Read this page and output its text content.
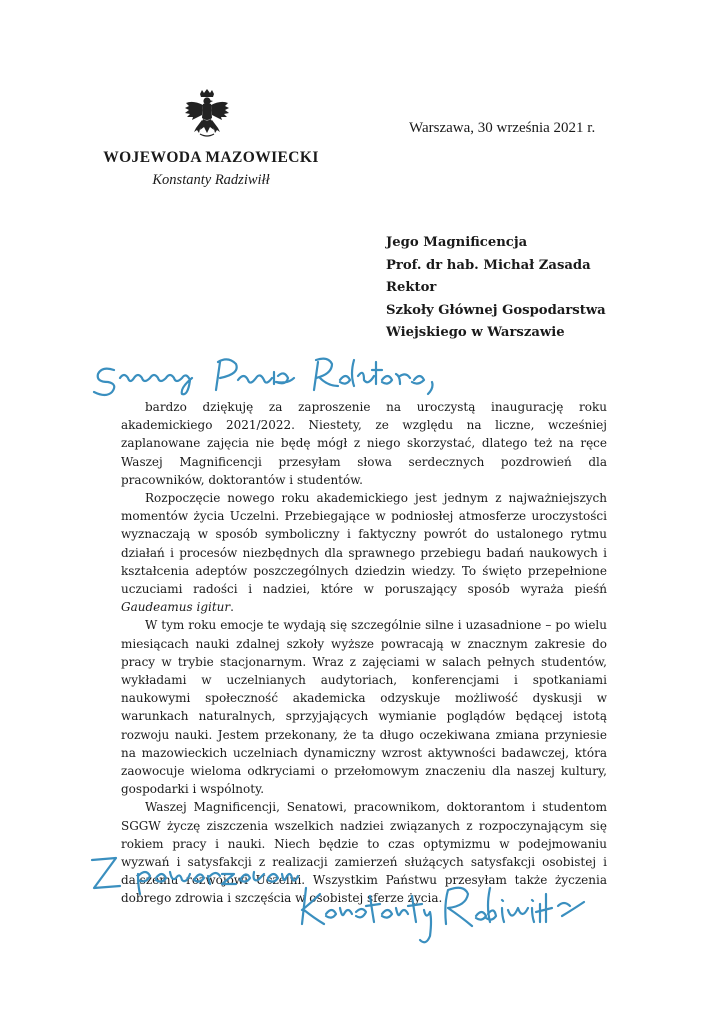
WOJEWODA MAZOWIECKI
Konstanty Radziwiłł
Warszawa, 30 września 2021 r.
Jego Magnificencja
Prof. dr hab. Michał Zasada
Rektor
Szkoły Głównej Gospodarstwa
Wiejskiego w Warszawie

bardzo dziękuję za zaproszenie na uroczystą inaugurację roku akademickiego 2021/2022. Niestety, ze względu na liczne, wcześniej zaplanowane zajęcia nie będę mógł z niego skorzystać, dlatego też na ręce Waszej Magnificencji przesyłam słowa serdecznych pozdrowień dla pracowników, doktorantów i studentów.

Rozpoczęcie nowego roku akademickiego jest jednym z najważniejszych momentów życia Uczelni. Przebiegające w podniosłej atmosferze uroczystości wyznaczają w sposób symboliczny i faktyczny powrót do ustalonego rytmu działań i procesów niezbędnych dla sprawnego przebiegu badań naukowych i kształcenia adeptów poszczególnych dziedzin wiedzy. To święto przepełnione uczuciami radości i nadziei, które w poruszający sposób wyraża pieśń Gaudeamus igitur.

W tym roku emocje te wydają się szczególnie silne i uzasadnione – po wielu miesiącach nauki zdalnej szkoły wyższe powracają w znacznym zakresie do pracy w trybie stacjonarnym. Wraz z zajęciami w salach pełnych studentów, wykładami w uczelnianych audytoriach, konferencjami i spotkaniami naukowymi społeczność akademicka odzyskuje możliwość dyskusji w warunkach naturalnych, sprzyjających wymianie poglądów będącej istotą rozwoju nauki. Jestem przekonany, że ta długo oczekiwana zmiana przyniesie na mazowieckich uczelniach dynamiczny wzrost aktywności badawczej, która zaowocuje wieloma odkryciami o przełomowym znaczeniu dla naszej kultury, gospodarki i wspólnoty.

Waszej Magnificencji, Senatowi, pracownikom, doktorantom i studentom SGGW życzę ziszczenia wszelkich nadziei związanych z rozpoczynającym się rokiem pracy i nauki. Niech będzie to czas optymizmu w podejmowaniu wyzwań i satysfakcji z realizacji zamierzeń służących satysfakcji osobistej i dalszemu rozwojowi Uczelni. Wszystkim Państwu przesyłam także życzenia dobrego zdrowia i szczęścia w osobistej sferze życia.
